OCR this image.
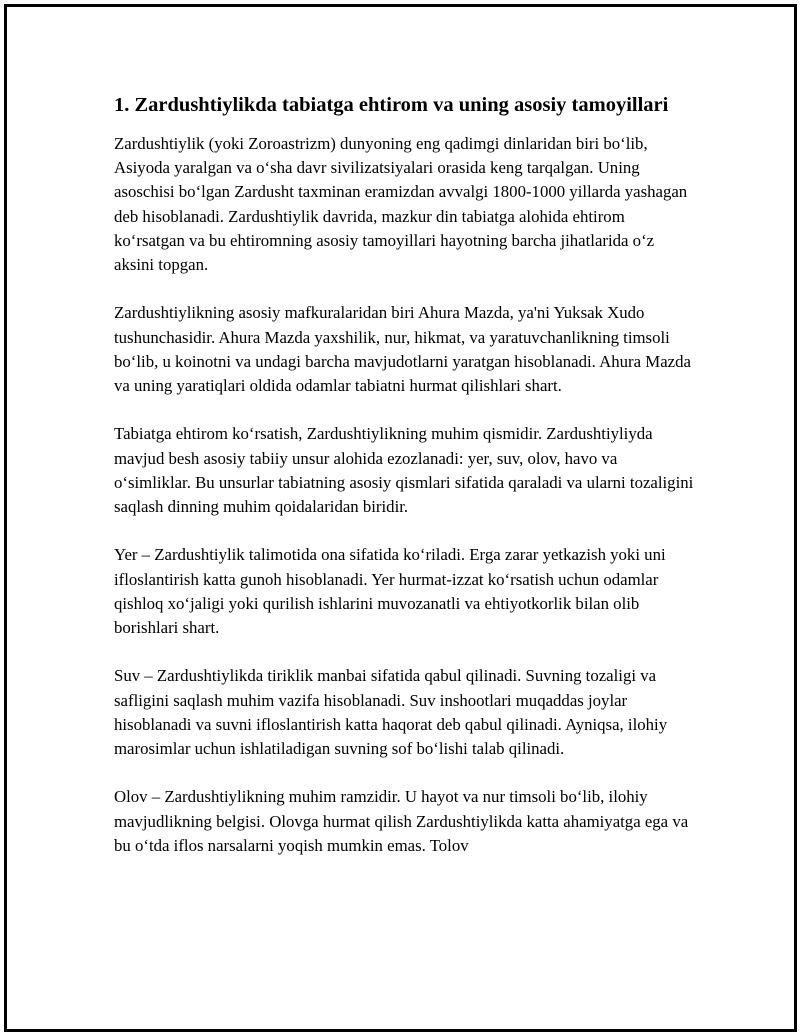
1. Zardushtiylikda tabiatga ehtirom va uning asosiy tamoyillari

Zardushtiylik (yoki Zoroastrizm) dunyoning eng qadimgi dinlaridan biri bo‘lib, Asiyoda yaralgan va o‘sha davr sivilizatsiyalari orasida keng tarqalgan. Uning asoschisi bo‘lgan Zardusht taxminan eramizdan avvalgi 1800-1000 yillarda yashagan deb hisoblanadi. Zardushtiylik davrida, mazkur din tabiatga alohida ehtirom ko‘rsatgan va bu ehtiromning asosiy tamoyillari hayotning barcha jihatlarida o‘z aksini topgan.

Zardushtiylikning asosiy mafkuralaridan biri Ahura Mazda, ya'ni Yuksak Xudo tushunchasidir. Ahura Mazda yaxshilik, nur, hikmat, va yaratuvchanlikning timsoli bo‘lib, u koinotni va undagi barcha mavjudotlarni yaratgan hisoblanadi. Ahura Mazda va uning yaratiqlari oldida odamlar tabiatni hurmat qilishlari shart.

Tabiatga ehtirom ko‘rsatish, Zardushtiylikning muhim qismidir. Zardushtiyliyda mavjud besh asosiy tabiiy unsur alohida ezozlanadi: yer, suv, olov, havo va o‘simliklar. Bu unsurlar tabiatning asosiy qismlari sifatida qaraladi va ularni tozaligini saqlash dinning muhim qoidalaridan biridir.

Yer – Zardushtiylik talimotida ona sifatida ko‘riladi. Erga zarar yetkazish yoki uni ifloslantirish katta gunoh hisoblanadi. Yer hurmat-izzat ko‘rsatish uchun odamlar qishloq xo‘jaligi yoki qurilish ishlarini muvozanatli va ehtiyotkorlik bilan olib borishlari shart.

Suv – Zardushtiylikda tiriklik manbai sifatida qabul qilinadi. Suvning tozaligi va safligini saqlash muhim vazifa hisoblanadi. Suv inshootlari muqaddas joylar hisoblanadi va suvni ifloslantirish katta haqorat deb qabul qilinadi. Ayniqsa, ilohiy marosimlar uchun ishlatiladigan suvning sof bo‘lishi talab qilinadi.

Olov – Zardushtiylikning muhim ramzidir. U hayot va nur timsoli bo‘lib, ilohiy mavjudlikning belgisi. Olovga hurmat qilish Zardushtiylikda katta ahamiyatga ega va bu o‘tda iflos narsalarni yoqish mumkin emas. Tolov
